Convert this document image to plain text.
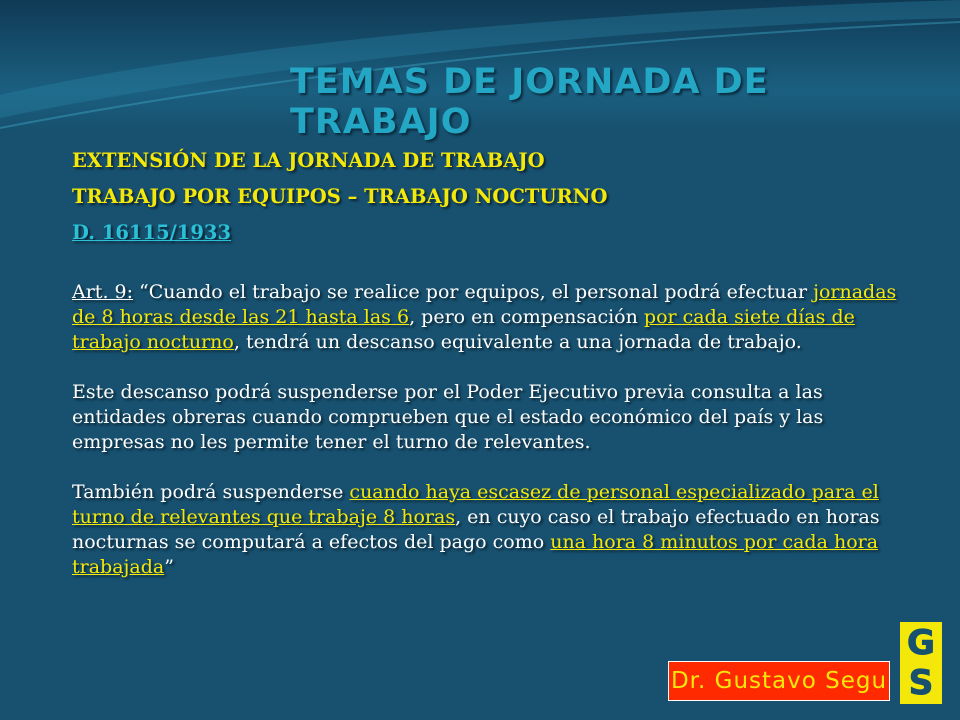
TEMAS DE JORNADA DE TRABAJO

EXTENSIÓN DE LA JORNADA DE TRABAJO

TRABAJO POR EQUIPOS – TRABAJO NOCTURNO

D. 16115/1933

Art. 9: “Cuando el trabajo se realice por equipos, el personal podrá efectuar jornadas de 8 horas desde las 21 hasta las 6, pero en compensación por cada siete días de trabajo nocturno, tendrá un descanso equivalente a una jornada de trabajo.

Este descanso podrá suspenderse por el Poder Ejecutivo previa consulta a las entidades obreras cuando comprueben que el estado económico del país y las empresas no les permite tener el turno de relevantes.

También podrá suspenderse cuando haya escasez de personal especializado para el turno de relevantes que trabaje 8 horas, en cuyo caso el trabajo efectuado en horas nocturnas se computará a efectos del pago como una hora 8 minutos por cada hora trabajada”

Dr. Gustavo Segu
G
S
